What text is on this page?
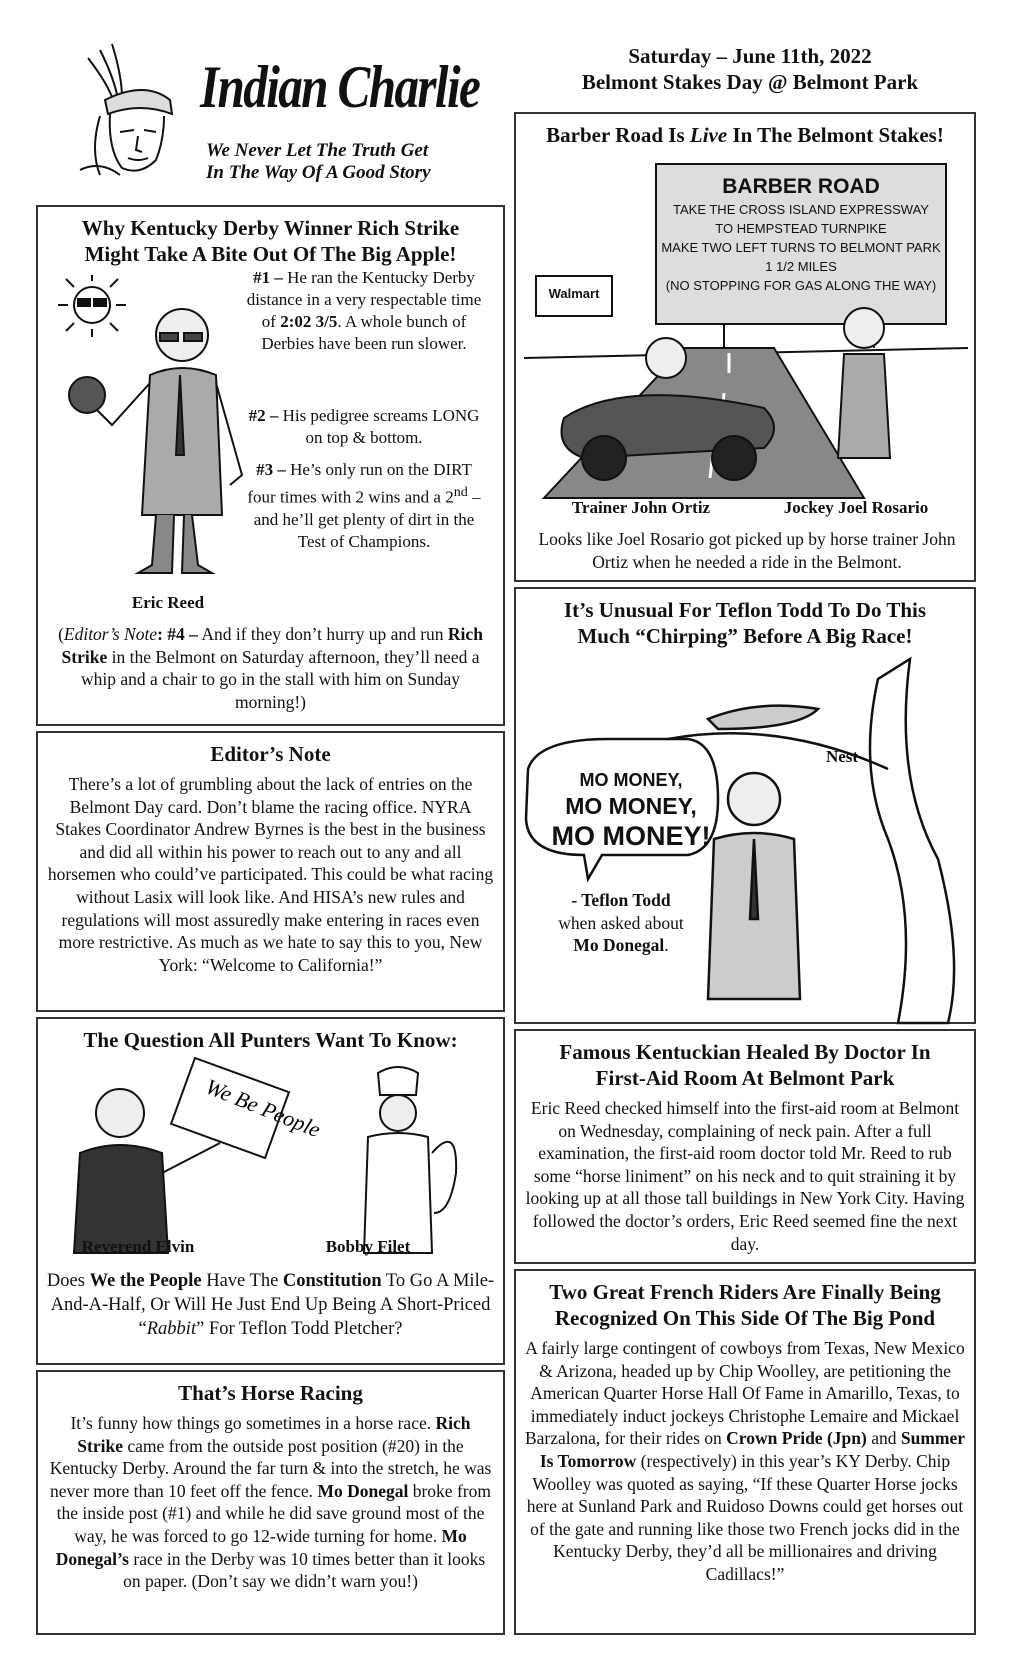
Indian Charlie
We Never Let The Truth Get
In The Way Of A Good Story
Saturday – June 11th, 2022
Belmont Stakes Day @ Belmont Park
Why Kentucky Derby Winner Rich Strike
Might Take A Bite Out Of The Big Apple!
#1 – He ran the Kentucky Derby distance in a very respectable time of 2:02 3/5. A whole bunch of Derbies have been run slower.
#2 – His pedigree screams LONG on top & bottom.
#3 – He’s only run on the DIRT four times with 2 wins and a 2nd – and he’ll get plenty of dirt in the Test of Champions.
Eric Reed
(Editor’s Note: #4 – And if they don’t hurry up and run Rich Strike in the Belmont on Saturday afternoon, they’ll need a whip and a chair to go in the stall with him on Sunday morning!)
Editor’s Note
There’s a lot of grumbling about the lack of entries on the Belmont Day card. Don’t blame the racing office. NYRA Stakes Coordinator Andrew Byrnes is the best in the business and did all within his power to reach out to any and all horsemen who could’ve participated. This could be what racing without Lasix will look like. And HISA’s new rules and regulations will most assuredly make entering in races even more restrictive. As much as we hate to say this to you, New York: “Welcome to California!”
The Question All Punters Want To Know:
We Be People
Reverend Elvin	Bobby Filet
Does We the People Have The Constitution To Go A Mile-And-A-Half, Or Will He Just End Up Being A Short-Priced “Rabbit” For Teflon Todd Pletcher?
That’s Horse Racing
It’s funny how things go sometimes in a horse race. Rich Strike came from the outside post position (#20) in the Kentucky Derby. Around the far turn & into the stretch, he was never more than 10 feet off the fence. Mo Donegal broke from the inside post (#1) and while he did save ground most of the way, he was forced to go 12-wide turning for home. Mo Donegal’s race in the Derby was 10 times better than it looks on paper. (Don’t say we didn’t warn you!)
Barber Road Is Live In The Belmont Stakes!
BARBER ROAD
TAKE THE CROSS ISLAND EXPRESSWAY
TO HEMPSTEAD TURNPIKE
MAKE TWO LEFT TURNS TO BELMONT PARK
1 1/2 MILES
(NO STOPPING FOR GAS ALONG THE WAY)
Walmart
Trainer John Ortiz	Jockey Joel Rosario
Looks like Joel Rosario got picked up by horse trainer John Ortiz when he needed a ride in the Belmont.
It’s Unusual For Teflon Todd To Do This
Much “Chirping” Before A Big Race!
MO MONEY,
MO MONEY,
MO MONEY!
Nest
- Teflon Todd
when asked about
Mo Donegal.
Famous Kentuckian Healed By Doctor In
First-Aid Room At Belmont Park
Eric Reed checked himself into the first-aid room at Belmont on Wednesday, complaining of neck pain. After a full examination, the first-aid room doctor told Mr. Reed to rub some “horse liniment” on his neck and to quit straining it by looking up at all those tall buildings in New York City. Having followed the doctor’s orders, Eric Reed seemed fine the next day.
Two Great French Riders Are Finally Being
Recognized On This Side Of The Big Pond
A fairly large contingent of cowboys from Texas, New Mexico & Arizona, headed up by Chip Woolley, are petitioning the American Quarter Horse Hall Of Fame in Amarillo, Texas, to immediately induct jockeys Christophe Lemaire and Mickael Barzalona, for their rides on Crown Pride (Jpn) and Summer Is Tomorrow (respectively) in this year’s KY Derby. Chip Woolley was quoted as saying, “If these Quarter Horse jocks here at Sunland Park and Ruidoso Downs could get horses out of the gate and running like those two French jocks did in the Kentucky Derby, they’d all be millionaires and driving Cadillacs!”
